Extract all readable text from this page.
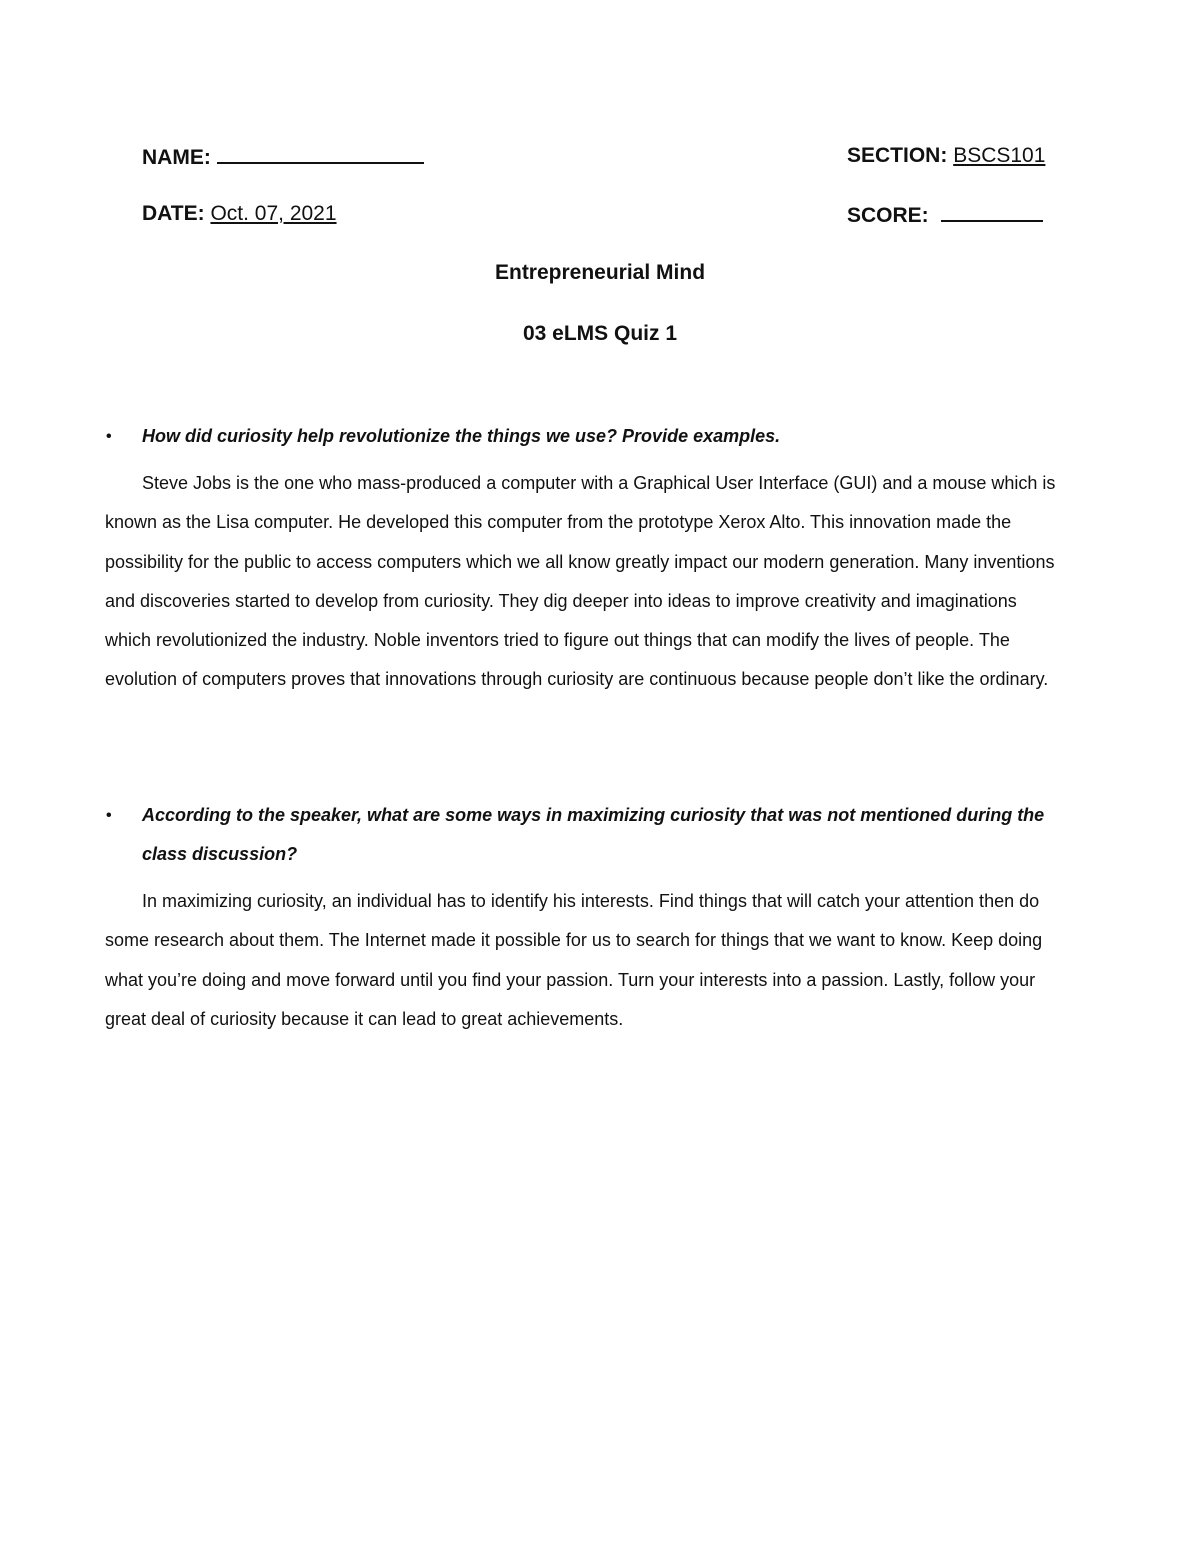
NAME:	SECTION: BSCS101
DATE: Oct. 07, 2021	SCORE:
Entrepreneurial Mind
03 eLMS Quiz 1
• How did curiosity help revolutionize the things we use? Provide examples.
Steve Jobs is the one who mass-produced a computer with a Graphical User Interface (GUI) and a mouse which is known as the Lisa computer. He developed this computer from the prototype Xerox Alto. This innovation made the possibility for the public to access computers which we all know greatly impact our modern generation. Many inventions and discoveries started to develop from curiosity. They dig deeper into ideas to improve creativity and imaginations which revolutionized the industry. Noble inventors tried to figure out things that can modify the lives of people. The evolution of computers proves that innovations through curiosity are continuous because people don’t like the ordinary.
• According to the speaker, what are some ways in maximizing curiosity that was not mentioned during the class discussion?
In maximizing curiosity, an individual has to identify his interests. Find things that will catch your attention then do some research about them. The Internet made it possible for us to search for things that we want to know. Keep doing what you’re doing and move forward until you find your passion. Turn your interests into a passion. Lastly, follow your great deal of curiosity because it can lead to great achievements.
